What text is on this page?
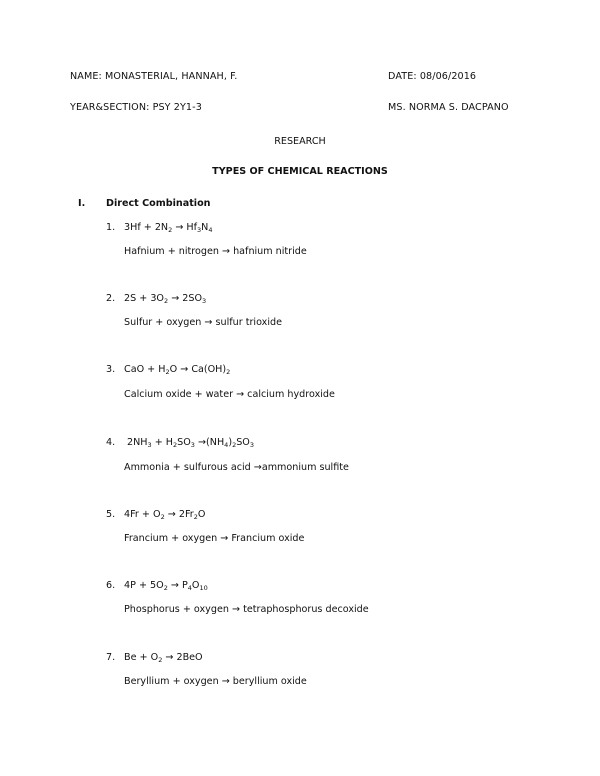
NAME: MONASTERIAL, HANNAH, F.	DATE: 08/06/2016
YEAR&SECTION: PSY 2Y1-3	MS. NORMA S. DACPANO
RESEARCH
TYPES OF CHEMICAL REACTIONS
I. Direct Combination
1. $3Hf + 2N_2 \to Hf_3N_4$
Hafnium + nitrogen → hafnium nitride
2. $2S + 3O_2 \to 2SO_3$
Sulfur + oxygen → sulfur trioxide
3. CaO + $H_2O \to Ca(OH)_2$
Calcium oxide + water → calcium hydroxide
4. $2NH_3 + H_2SO_3 \to(NH_4)_2SO_3$
Ammonia + sulfurous acid →ammonium sulfite
5. $4Fr + O_2 \to 2Fr_2O$
Francium + oxygen → Francium oxide
6. $4P + 5O_2 \to P_4O_{10}$
Phosphorus + oxygen → tetraphosphorus decoxide
7. $Be + O_2 \to 2BeO$
Beryllium + oxygen → beryllium oxide
